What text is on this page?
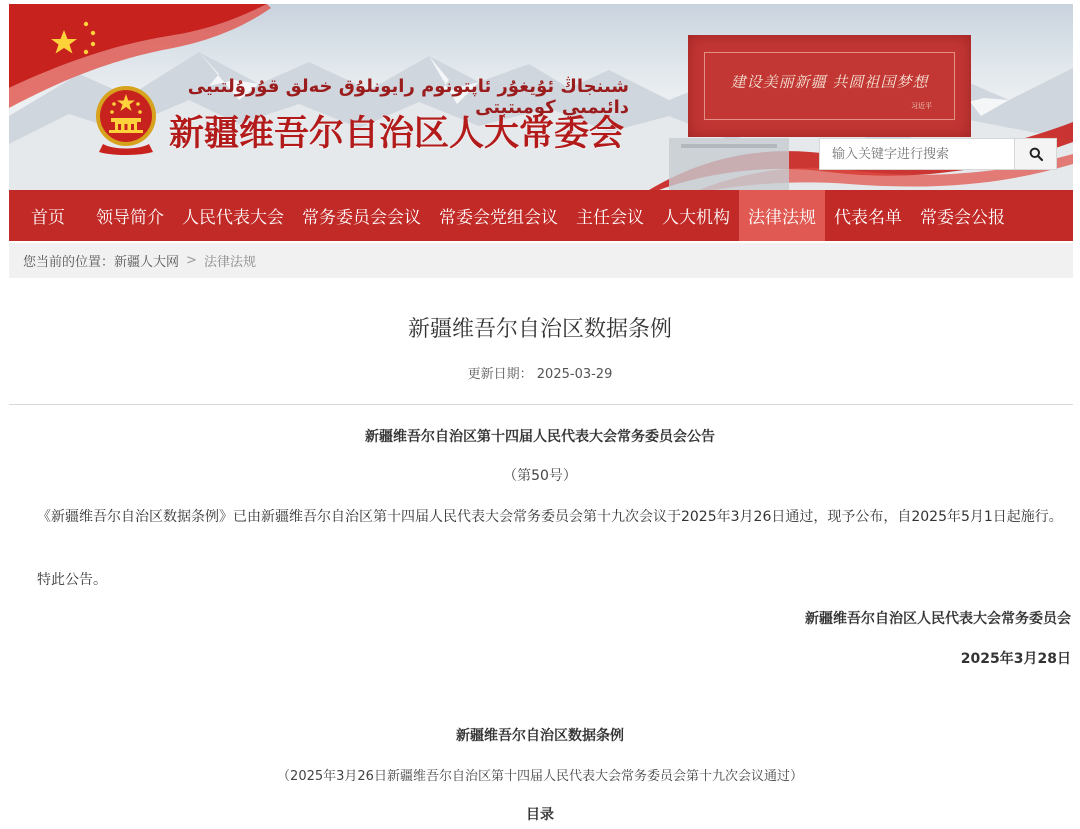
شىنجاڭ ئۇيغۇر ئاپتونوم رايونلۇق خەلق قۇرۇلتىيى دائىمىي كومىتېتى
新疆维吾尔自治区人大常委会
建设美丽新疆 共圆祖国梦想
习近平
输入关键字进行搜索
首页	领导简介	人民代表大会	常务委员会会议	常委会党组会议	主任会议	人大机构	法律法规	代表名单	常委会公报
您当前的位置： 新疆人大网 > 法律法规
新疆维吾尔自治区数据条例
更新日期： 2025-03-29
新疆维吾尔自治区第十四届人民代表大会常务委员会公告
（第50号）
《新疆维吾尔自治区数据条例》已由新疆维吾尔自治区第十四届人民代表大会常务委员会第十九次会议于2025年3月26日通过，现予公布，自2025年5月1日起施行。
特此公告。
新疆维吾尔自治区人民代表大会常务委员会
2025年3月28日
新疆维吾尔自治区数据条例
（2025年3月26日新疆维吾尔自治区第十四届人民代表大会常务委员会第十九次会议通过）
目录
